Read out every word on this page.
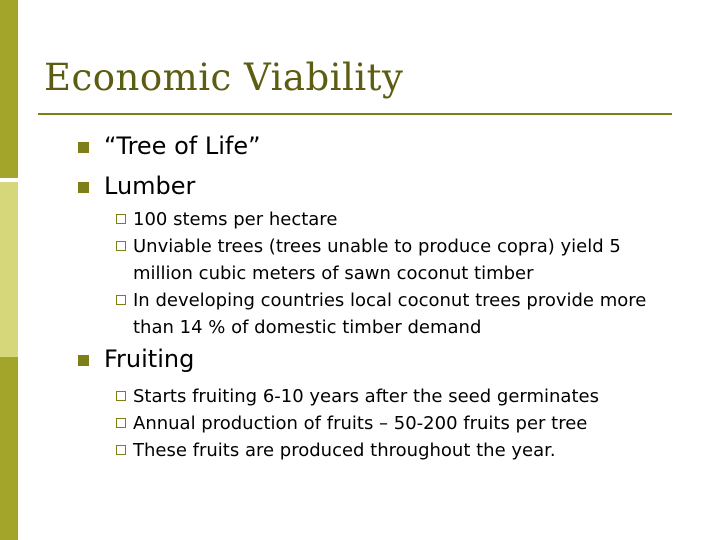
Economic Viability
“Tree of Life”
Lumber
100 stems per hectare
Unviable trees (trees unable to produce copra) yield 5 million cubic meters of sawn coconut timber
In developing countries local coconut trees provide more than 14 % of domestic timber demand
Fruiting
Starts fruiting 6-10 years after the seed germinates
Annual production of fruits – 50-200 fruits per tree
These fruits are produced throughout the year.
